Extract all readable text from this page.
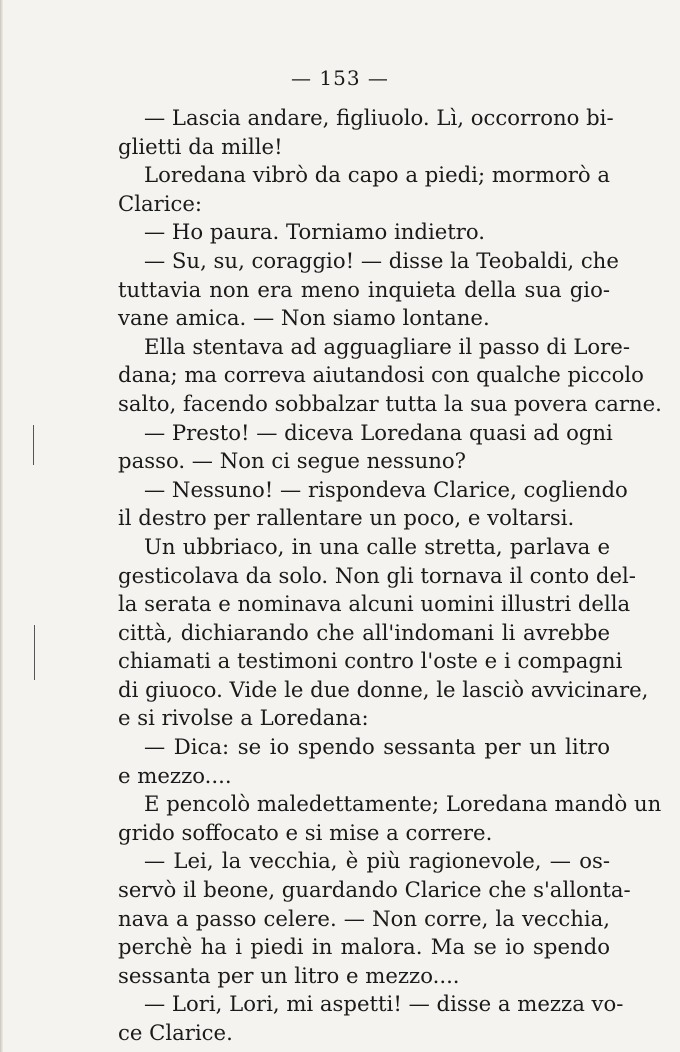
— 153 —
— Lascia andare, figliuolo. Lì, occorrono bi-
glietti da mille!
Loredana vibrò da capo a piedi; mormorò a
Clarice:
— Ho paura. Torniamo indietro.
— Su, su, coraggio! — disse la Teobaldi, che
tuttavia non era meno inquieta della sua gio-
vane amica. — Non siamo lontane.
Ella stentava ad agguagliare il passo di Lore-
dana; ma correva aiutandosi con qualche piccolo
salto, facendo sobbalzar tutta la sua povera carne.
— Presto! — diceva Loredana quasi ad ogni
passo. — Non ci segue nessuno?
— Nessuno! — rispondeva Clarice, cogliendo
il destro per rallentare un poco, e voltarsi.
Un ubbriaco, in una calle stretta, parlava e
gesticolava da solo. Non gli tornava il conto del-
la serata e nominava alcuni uomini illustri della
città, dichiarando che all'indomani li avrebbe
chiamati a testimoni contro l'oste e i compagni
di giuoco. Vide le due donne, le lasciò avvicinare,
e si rivolse a Loredana:
— Dica: se io spendo sessanta per un litro
e mezzo....
E pencolò maledettamente; Loredana mandò un
grido soffocato e si mise a correre.
— Lei, la vecchia, è più ragionevole, — os-
servò il beone, guardando Clarice che s'allonta-
nava a passo celere. — Non corre, la vecchia,
perchè ha i piedi in malora. Ma se io spendo
sessanta per un litro e mezzo....
— Lori, Lori, mi aspetti! — disse a mezza vo-
ce Clarice.
